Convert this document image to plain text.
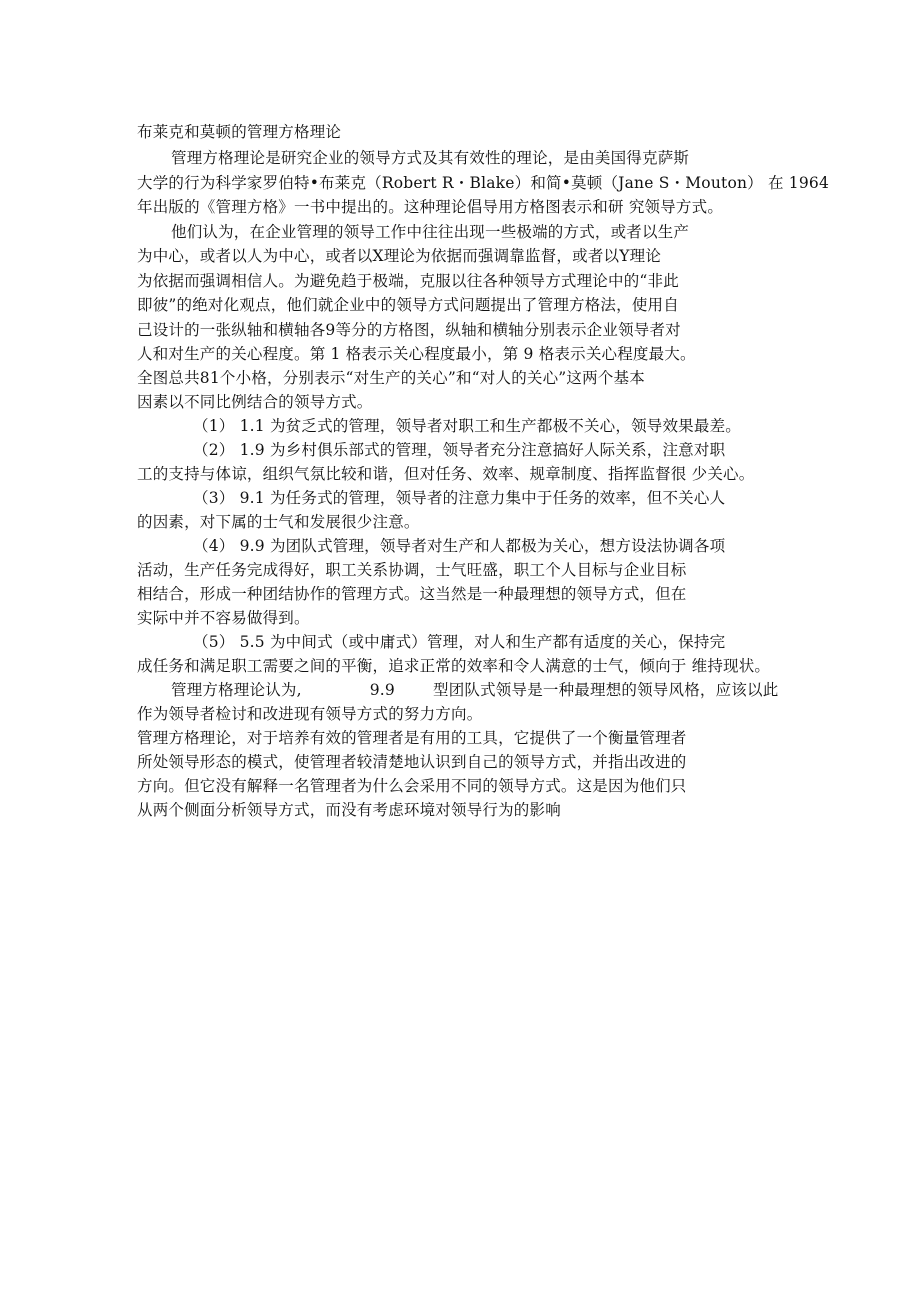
布莱克和莫顿的管理方格理论
管理方格理论是研究企业的领导方式及其有效性的理论，是由美国得克萨斯
大学的行为科学家罗伯特•布莱克（Robert R・Blake）和简•莫顿（Jane S・Mouton） 在 1964
年出版的《管理方格》一书中提出的。这种理论倡导用方格图表示和研 究领导方式。
他们认为，在企业管理的领导工作中往往出现一些极端的方式，或者以生产
为中心，或者以人为中心，或者以X理论为依据而强调靠监督，或者以Y理论
为依据而强调相信人。为避免趋于极端，克服以往各种领导方式理论中的“非此
即彼”的绝对化观点，他们就企业中的领导方式问题提出了管理方格法，使用自
己设计的一张纵轴和横轴各9等分的方格图，纵轴和横轴分别表示企业领导者对
人和对生产的关心程度。第 1 格表示关心程度最小，第 9 格表示关心程度最大。
全图总共81个小格，分别表示“对生产的关心”和“对人的关心”这两个基本
因素以不同比例结合的领导方式。
（1） 1.1 为贫乏式的管理，领导者对职工和生产都极不关心，领导效果最差。
（2） 1.9 为乡村俱乐部式的管理，领导者充分注意搞好人际关系，注意对职
工的支持与体谅，组织气氛比较和谐，但对任务、效率、规章制度、指挥监督很 少关心。
（3） 9.1 为任务式的管理，领导者的注意力集中于任务的效率，但不关心人
的因素，对下属的士气和发展很少注意。
（4） 9.9 为团队式管理，领导者对生产和人都极为关心，想方设法协调各项
活动，生产任务完成得好，职工关系协调，士气旺盛，职工个人目标与企业目标
相结合，形成一种团结协作的管理方式。这当然是一种最理想的领导方式，但在
实际中并不容易做得到。
（5） 5.5 为中间式（或中庸式）管理，对人和生产都有适度的关心，保持完
成任务和满足职工需要之间的平衡，追求正常的效率和令人满意的士气，倾向于 维持现状。
管理方格理论认为,	9.9 型团队式领导是一种最理想的领导风格，应该以此
作为领导者检讨和改进现有领导方式的努力方向。
管理方格理论，对于培养有效的管理者是有用的工具，它提供了一个衡量管理者
所处领导形态的模式，使管理者较清楚地认识到自己的领导方式，并指出改进的
方向。但它没有解释一名管理者为什么会采用不同的领导方式。这是因为他们只
从两个侧面分析领导方式，而没有考虑环境对领导行为的影响
